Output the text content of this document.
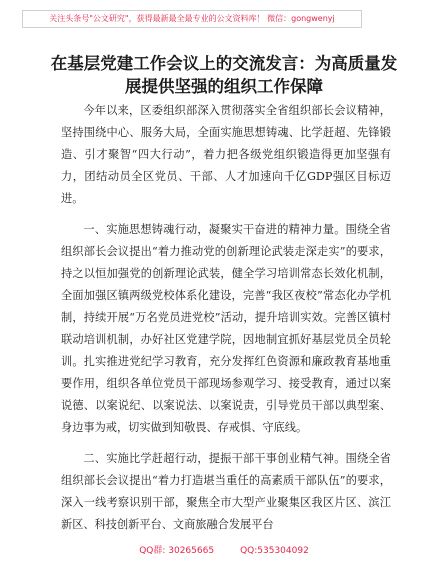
关注头条号"公文研究"，获得最新最全最专业的公文资料库！ 微信：gongwenyj
在基层党建工作会议上的交流发言：为高质量发展提供坚强的组织工作保障

今年以来，区委组织部深入贯彻落实全省组织部长会议精神，坚持围绕中心、服务大局，全面实施思想铸魂、比学赶超、先锋锻造、引才聚智“四大行动”，着力把各级党组织锻造得更加坚强有力，团结动员全区党员、干部、人才加速向千亿GDP强区目标迈进。

一、实施思想铸魂行动，凝聚实干奋进的精神力量。围绕全省组织部长会议提出“着力推动党的创新理论武装走深走实”的要求，持之以恒加强党的创新理论武装，健全学习培训常态长效化机制，全面加强区镇两级党校体系化建设，完善“我区夜校”常态化办学机制，持续开展“万名党员进党校”活动，提升培训实效。完善区镇村联动培训机制，办好社区党建学院，因地制宜抓好基层党员全员轮训。扎实推进党纪学习教育，充分发挥红色资源和廉政教育基地重要作用，组织各单位党员干部现场参观学习、接受教育，通过以案说德、以案说纪、以案说法、以案说责，引导党员干部以典型案、身边事为戒，切实做到知敬畏、存戒惧、守底线。

二、实施比学赶超行动，提振干部干事创业精气神。围绕全省组织部长会议提出“着力打造堪当重任的高素质干部队伍”的要求，深入一线考察识别干部，聚焦全市大型产业聚集区我区片区、滨江新区、科技创新平台、文商旅融合发展平台

QQ群: 30265665	QQ:535304092
